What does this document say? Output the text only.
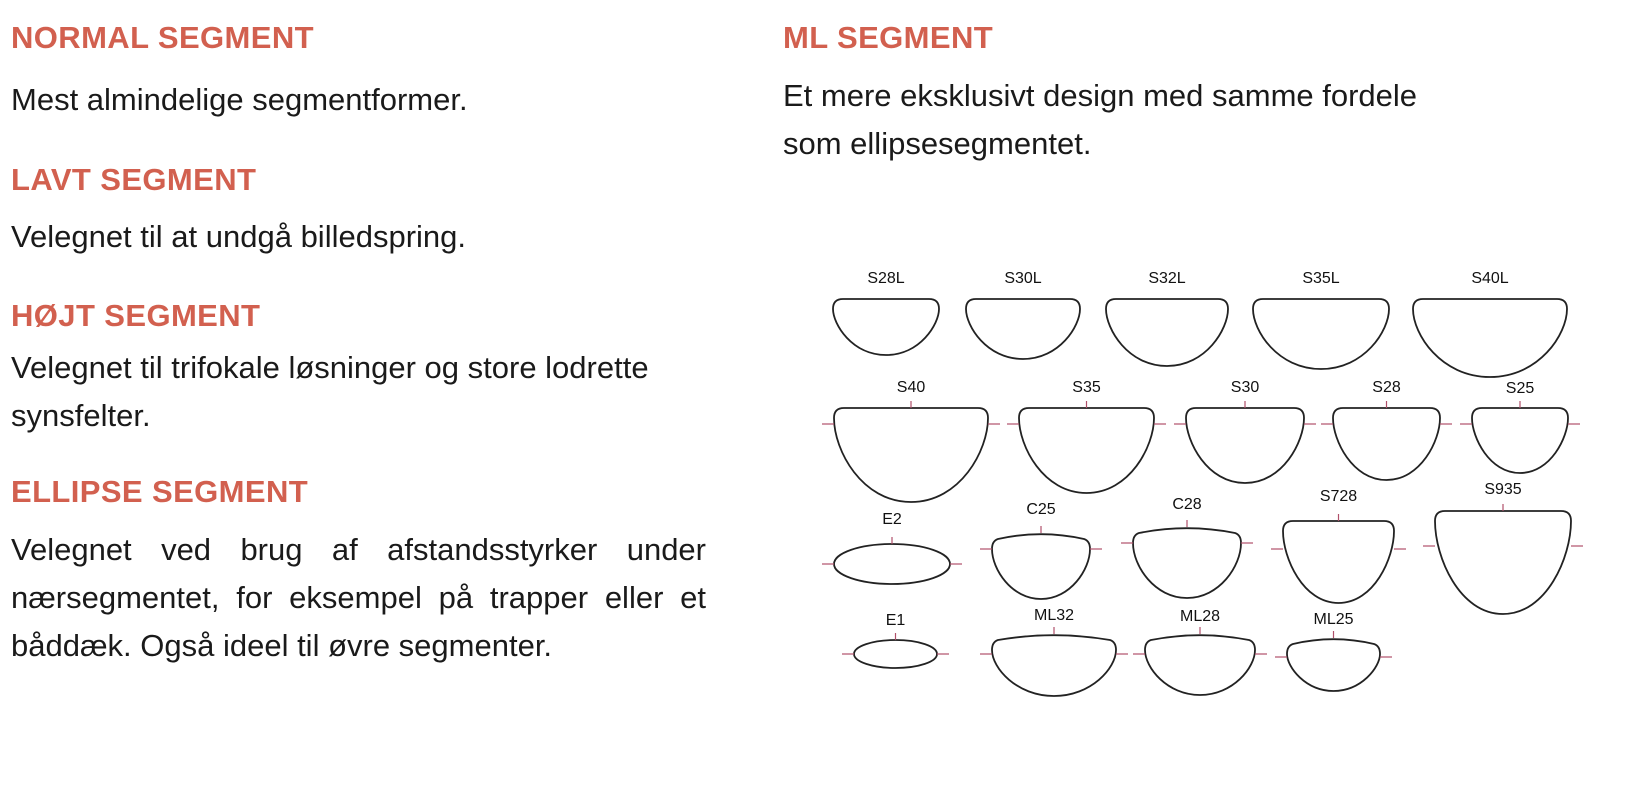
NORMAL SEGMENT

Mest almindelige segmentformer.

LAVT SEGMENT

Velegnet til at undgå billedspring.

HØJT SEGMENT

Velegnet til trifokale løsninger og store lodrette synsfelter.

ELLIPSE SEGMENT

Velegnet ved brug af afstandsstyrker under nærsegmentet, for eksempel på trapper eller et båddæk. Også ideel til øvre segmenter.

ML SEGMENT

Et mere eksklusivt design med samme fordele som ellipsesegmentet.

S28L	S30L	S32L	S35L	S40L
S40	S35	S30	S28	S25
E2
C25	C28	S728	S935
E1	ML32	ML28	ML25
